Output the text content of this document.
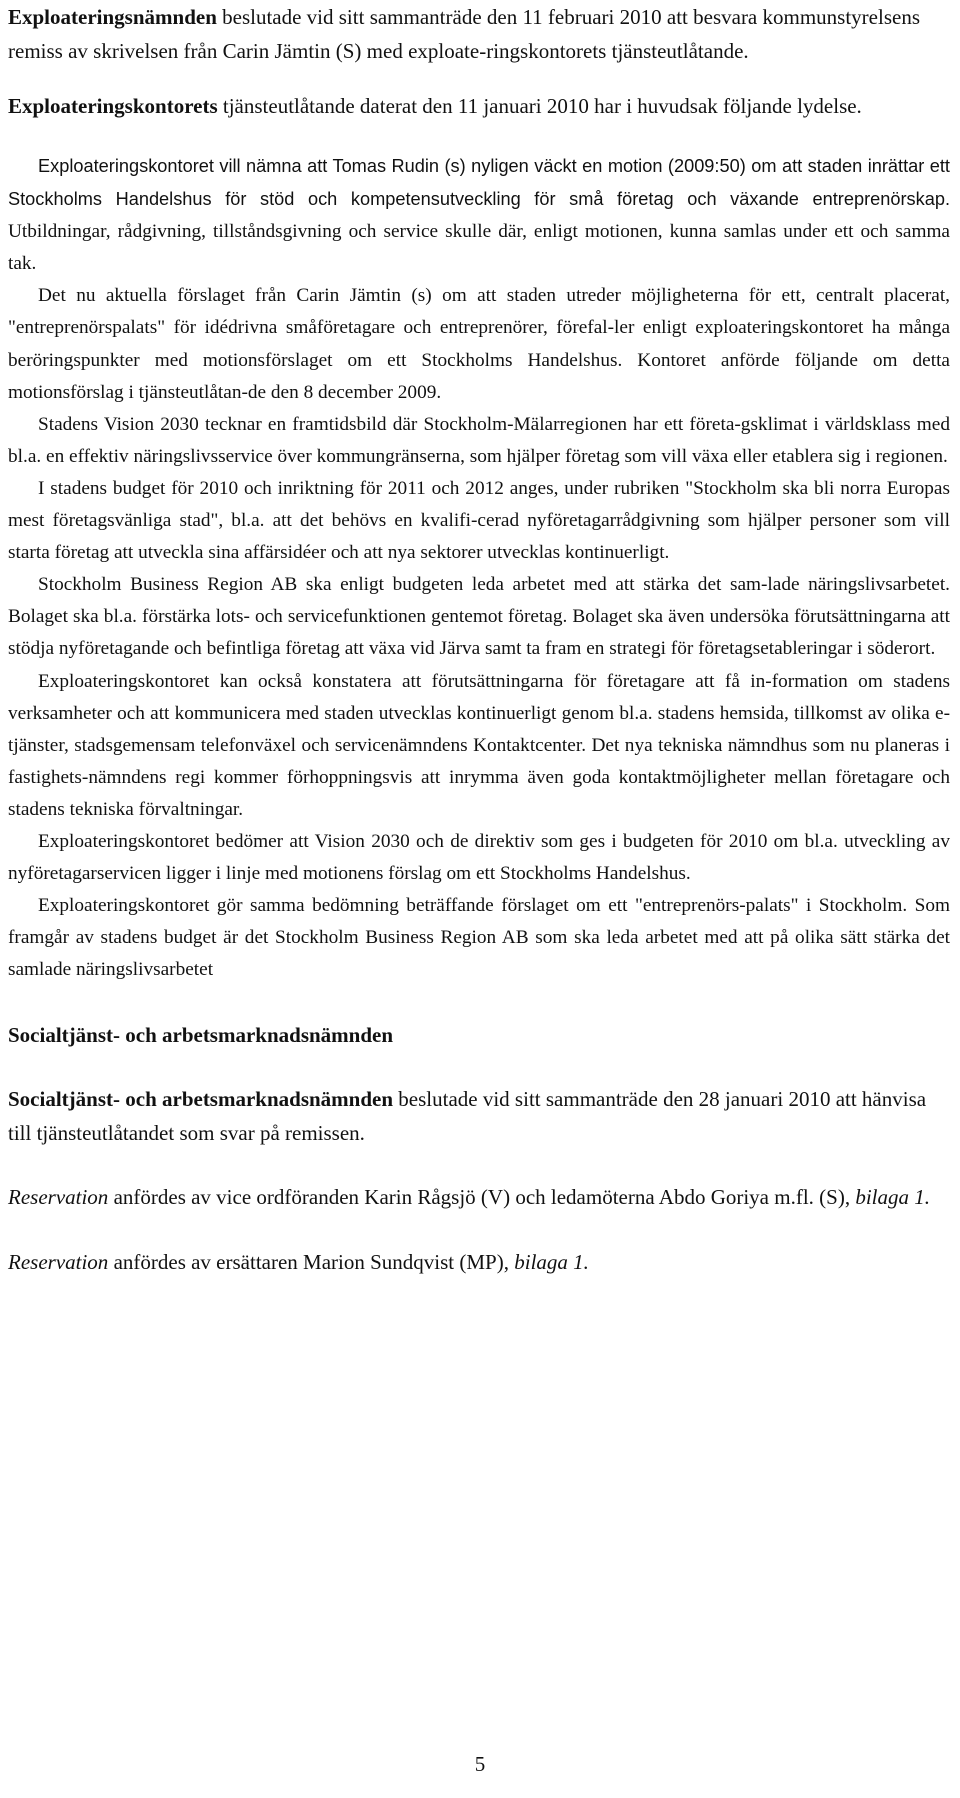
Exploateringsnämnden beslutade vid sitt sammanträde den 11 februari 2010 att besvara kommunstyrelsens remiss av skrivelsen från Carin Jämtin (S) med exploate-ringskontorets tjänsteutlåtande.

Exploateringskontorets tjänsteutlåtande daterat den 11 januari 2010 har i huvudsak följande lydelse.

Exploateringskontoret vill nämna att Tomas Rudin (s) nyligen väckt en motion (2009:50) om att staden inrättar ett Stockholms Handelshus för stöd och kompetensutveckling för små företag och växande entreprenörskap. Utbildningar, rådgivning, tillståndsgivning och service skulle där, enligt motionen, kunna samlas under ett och samma tak.

Det nu aktuella förslaget från Carin Jämtin (s) om att staden utreder möjligheterna för ett, centralt placerat, "entreprenörspalats" för idédrivna småföretagare och entreprenörer, förefal-ler enligt exploateringskontoret ha många beröringspunkter med motionsförslaget om ett Stockholms Handelshus. Kontoret anförde följande om detta motionsförslag i tjänsteutlåtan-de den 8 december 2009.

Stadens Vision 2030 tecknar en framtidsbild där Stockholm-Mälarregionen har ett företa-gsklimat i världsklass med bl.a. en effektiv näringslivsservice över kommungränserna, som hjälper företag som vill växa eller etablera sig i regionen.

I stadens budget för 2010 och inriktning för 2011 och 2012 anges, under rubriken "Stockholm ska bli norra Europas mest företagsvänliga stad", bl.a. att det behövs en kvalifi-cerad nyföretagarrådgivning som hjälper personer som vill starta företag att utveckla sina affärsidéer och att nya sektorer utvecklas kontinuerligt.

Stockholm Business Region AB ska enligt budgeten leda arbetet med att stärka det sam-lade näringslivsarbetet. Bolaget ska bl.a. förstärka lots- och servicefunktionen gentemot företag. Bolaget ska även undersöka förutsättningarna att stödja nyföretagande och befintliga företag att växa vid Järva samt ta fram en strategi för företagsetableringar i söderort.

Exploateringskontoret kan också konstatera att förutsättningarna för företagare att få in-formation om stadens verksamheter och att kommunicera med staden utvecklas kontinuerligt genom bl.a. stadens hemsida, tillkomst av olika e-tjänster, stadsgemensam telefonväxel och servicenämndens Kontaktcenter. Det nya tekniska nämndhus som nu planeras i fastighets-nämndens regi kommer förhoppningsvis att inrymma även goda kontaktmöjligheter mellan företagare och stadens tekniska förvaltningar.

Exploateringskontoret bedömer att Vision 2030 och de direktiv som ges i budgeten för 2010 om bl.a. utveckling av nyföretagarservicen ligger i linje med motionens förslag om ett Stockholms Handelshus.

Exploateringskontoret gör samma bedömning beträffande förslaget om ett "entreprenörs-palats" i Stockholm. Som framgår av stadens budget är det Stockholm Business Region AB som ska leda arbetet med att på olika sätt stärka det samlade näringslivsarbetet

Socialtjänst- och arbetsmarknadsnämnden

Socialtjänst- och arbetsmarknadsnämnden beslutade vid sitt sammanträde den 28 januari 2010 att hänvisa till tjänsteutlåtandet som svar på remissen.

Reservation anfördes av vice ordföranden Karin Rågsjö (V) och ledamöterna Abdo Goriya m.fl. (S), bilaga 1.

Reservation anfördes av ersättaren Marion Sundqvist (MP), bilaga 1.

5
